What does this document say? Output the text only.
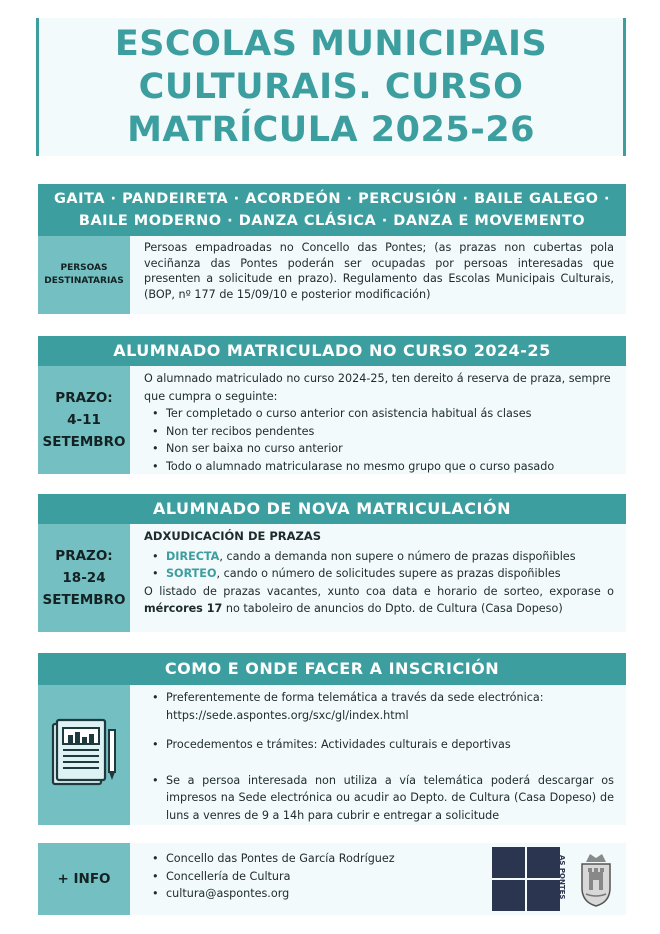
ESCOLAS MUNICIPAIS
CULTURAIS. CURSO
MATRÍCULA 2025-26
GAITA · PANDEIRETA · ACORDEÓN · PERCUSIÓN · BAILE GALEGO ·
BAILE MODERNO · DANZA CLÁSICA · DANZA E MOVEMENTO
PERSOAS
DESTINATARIAS
Persoas empadroadas no Concello das Pontes; (as prazas non cubertas pola veciñanza das Pontes poderán ser ocupadas por persoas interesadas que presenten a solicitude en prazo). Regulamento das Escolas Municipais Culturais,(BOP, nº 177 de 15/09/10 e posterior modificación)
ALUMNADO MATRICULADO NO CURSO 2024-25
PRAZO:
4-11
SETEMBRO
O alumnado matriculado no curso 2024-25, ten dereito á reserva de praza, sempre que cumpra o seguinte:
• Ter completado o curso anterior con asistencia habitual ás clases
• Non ter recibos pendentes
• Non ser baixa no curso anterior
• Todo o alumnado matricularase no mesmo grupo que o curso pasado
ALUMNADO DE NOVA MATRICULACIÓN
PRAZO:
18-24
SETEMBRO
ADXUDICACIÓN DE PRAZAS
• DIRECTA, cando a demanda non supere o número de prazas dispoñibles
• SORTEO, cando o número de solicitudes supere as prazas dispoñibles
O listado de prazas vacantes, xunto coa data e horario de sorteo, exporase o mércores 17 no taboleiro de anuncios do Dpto. de Cultura (Casa Dopeso)
COMO E ONDE FACER A INSCRICIÓN
• Preferentemente de forma telemática a través da sede electrónica:
https://sede.aspontes.org/sxc/gl/index.html
• Procedementos e trámites: Actividades culturais e deportivas
• Se a persoa interesada non utiliza a vía telemática poderá descargar os impresos na Sede electrónica ou acudir ao Depto. de Cultura (Casa Dopeso) de luns a venres de 9 a 14h para cubrir e entregar a solicitude
+ INFO
• Concello das Pontes de García Rodríguez
• Concellería de Cultura
• cultura@aspontes.org	AS PONTES
